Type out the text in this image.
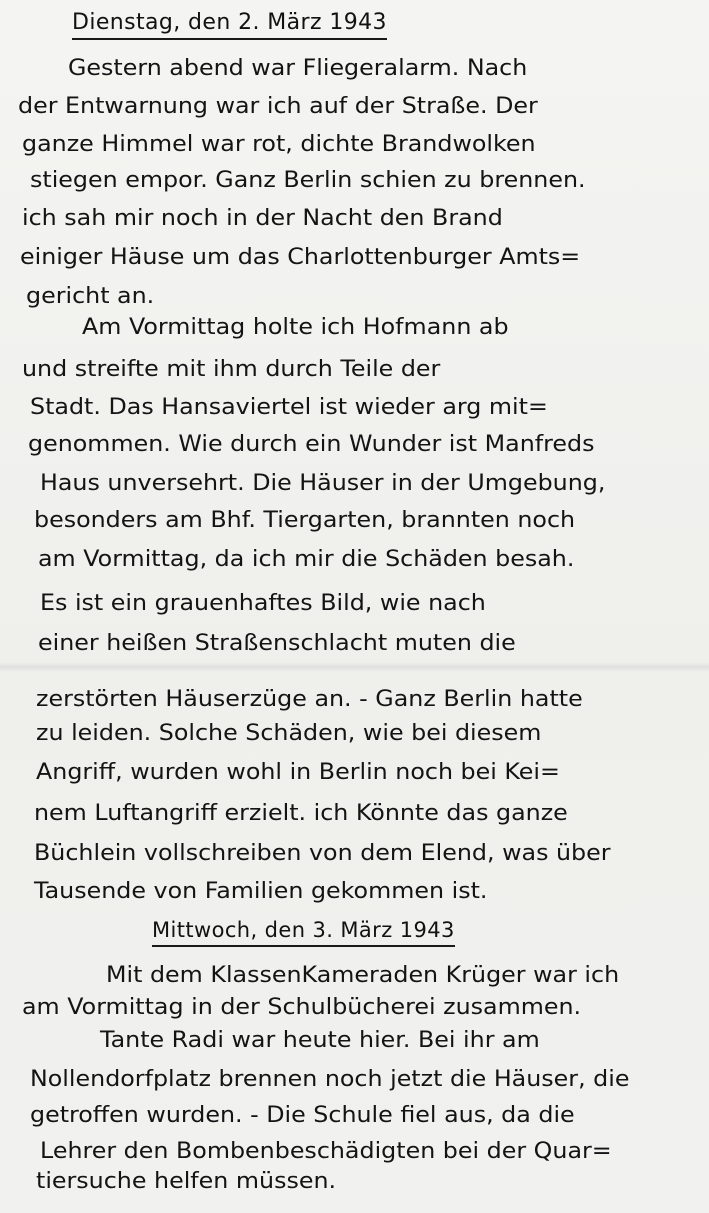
Dienstag, den 2. März 1943
Gestern abend war Fliegeralarm. Nach
der Entwarnung war ich auf der Straße. Der
ganze Himmel war rot, dichte Brandwolken
stiegen empor. Ganz Berlin schien zu brennen.
ich sah mir noch in der Nacht den Brand
einiger Häuse um das Charlottenburger Amts=
gericht an.
Am Vormittag holte ich Hofmann ab
und streifte mit ihm durch Teile der
Stadt. Das Hansaviertel ist wieder arg mit=
genommen. Wie durch ein Wunder ist Manfreds
Haus unversehrt. Die Häuser in der Umgebung,
besonders am Bhf. Tiergarten, brannten noch
am Vormittag, da ich mir die Schäden besah.
Es ist ein grauenhaftes Bild, wie nach
einer heißen Straßenschlacht muten die
zerstörten Häuserzüge an. - Ganz Berlin hatte
zu leiden. Solche Schäden, wie bei diesem
Angriff, wurden wohl in Berlin noch bei Kei=
nem Luftangriff erzielt. ich Könnte das ganze
Büchlein vollschreiben von dem Elend, was über
Tausende von Familien gekommen ist.
Mittwoch, den 3. März 1943
Mit dem KlassenKameraden Krüger war ich
am Vormittag in der Schulbücherei zusammen.
Tante Radi war heute hier. Bei ihr am
Nollendorfplatz brennen noch jetzt die Häuser, die
getroffen wurden. - Die Schule fiel aus, da die
Lehrer den Bombenbeschädigten bei der Quar=
tiersuche helfen müssen.
